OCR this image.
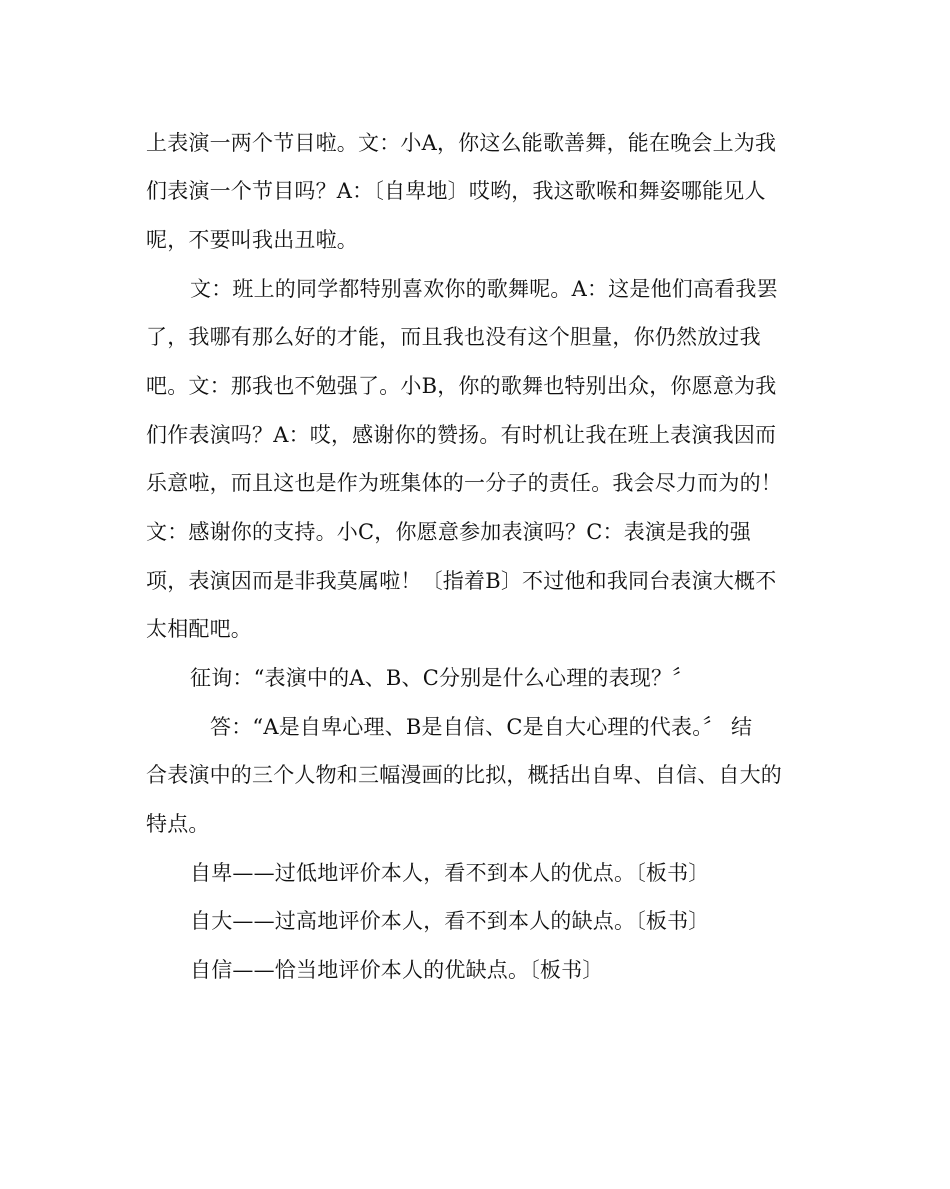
上表演一两个节目啦。文：小A，你这么能歌善舞，能在晚会上为我
们表演一个节目吗？A：〔自卑地〕哎哟，我这歌喉和舞姿哪能见人
呢，不要叫我出丑啦。
文：班上的同学都特别喜欢你的歌舞呢。A：这是他们高看我罢
了，我哪有那么好的才能，而且我也没有这个胆量，你仍然放过我
吧。文：那我也不勉强了。小B，你的歌舞也特别出众，你愿意为我
们作表演吗？A：哎，感谢你的赞扬。有时机让我在班上表演我因而
乐意啦，而且这也是作为班集体的一分子的责任。我会尽力而为的！
文：感谢你的支持。小C，你愿意参加表演吗？C：表演是我的强
项，表演因而是非我莫属啦！〔指着B〕不过他和我同台表演大概不
太相配吧。
征询：“表演中的A、B、C分别是什么心理的表现？〞
答：“A是自卑心理、B是自信、C是自大心理的代表。〞 结
合表演中的三个人物和三幅漫画的比拟，概括出自卑、自信、自大的
特点。
自卑——过低地评价本人，看不到本人的优点。〔板书〕
自大——过高地评价本人，看不到本人的缺点。〔板书〕
自信——恰当地评价本人的优缺点。〔板书〕
